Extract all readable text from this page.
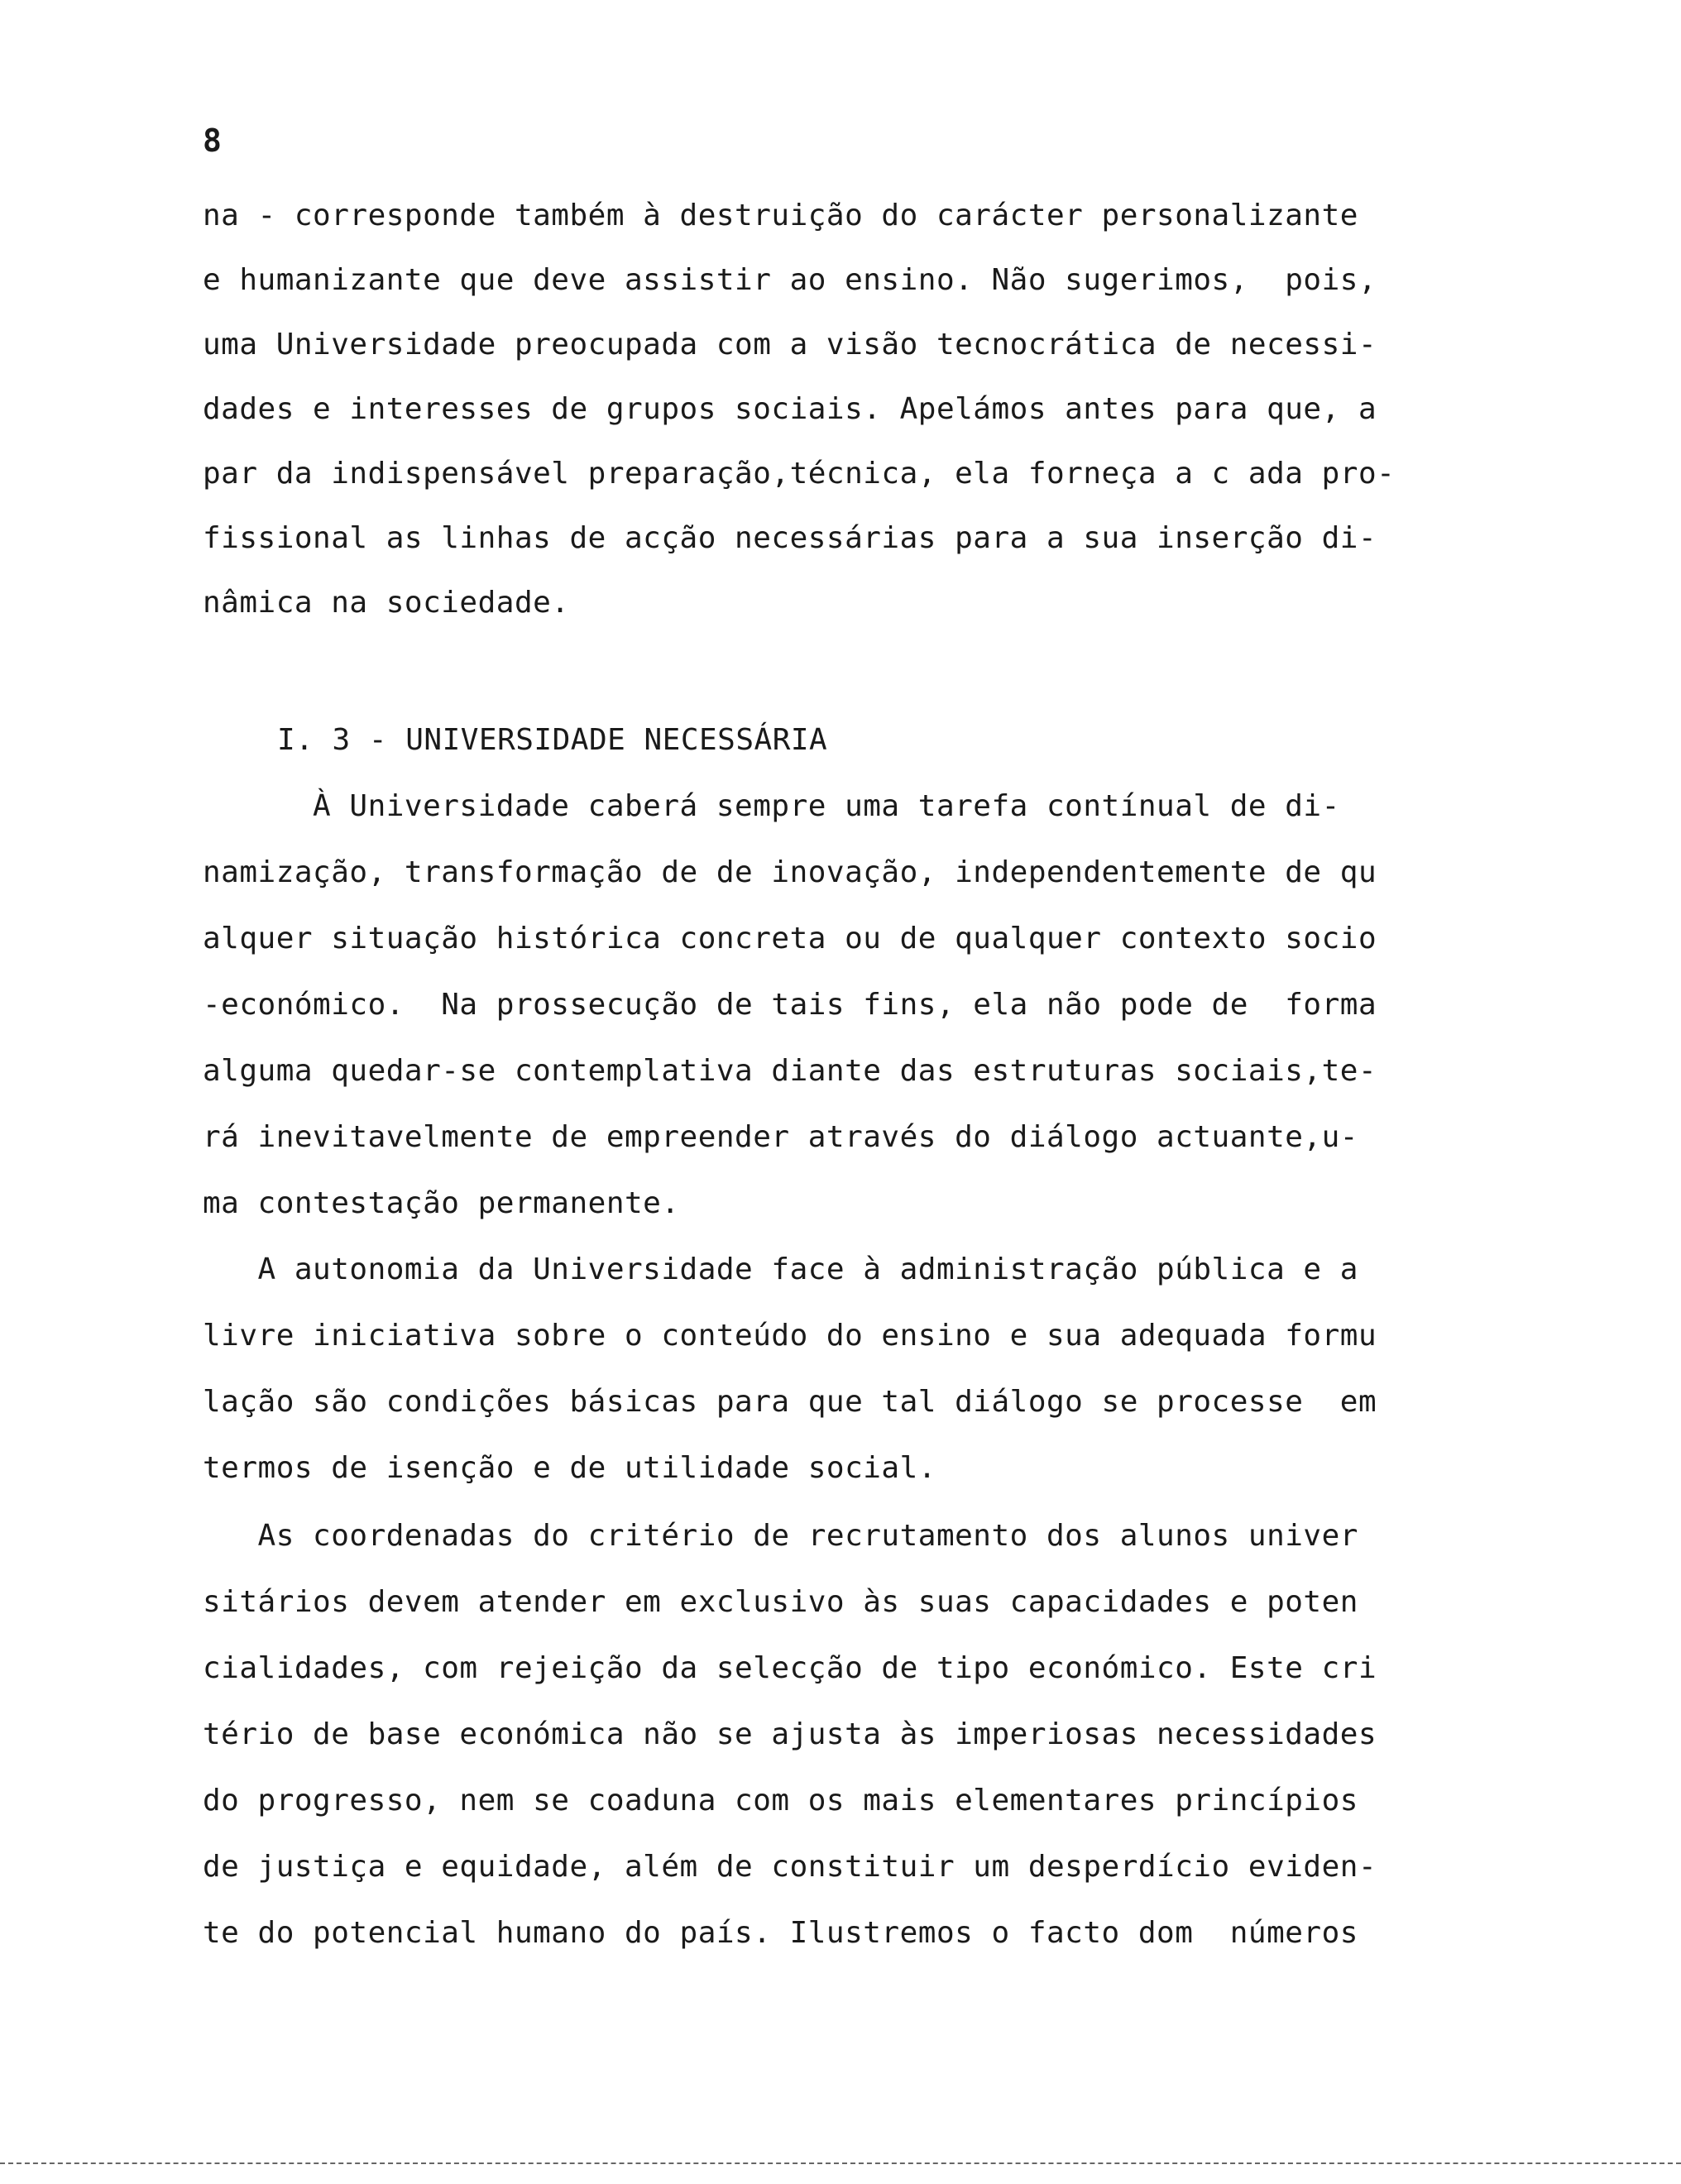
8
na - corresponde também à destruição do carácter personalizante
e humanizante que deve assistir ao ensino. Não sugerimos,  pois,
uma Universidade preocupada com a visão tecnocrática de necessi-
dades e interesses de grupos sociais. Apelámos antes para que, a
par da indispensável preparação,técnica, ela forneça a c ada pro-
fissional as linhas de acção necessárias para a sua inserção di-
nâmica na sociedade.
I. 3 - UNIVERSIDADE NECESSÁRIA
À Universidade caberá sempre uma tarefa contínual de di-
namização, transformação de de inovação, independentemente de qu
alquer situação histórica concreta ou de qualquer contexto socio
-económico.  Na prossecução de tais fins, ela não pode de  forma
alguma quedar-se contemplativa diante das estruturas sociais,te-
rá inevitavelmente de empreender através do diálogo actuante,u-
ma contestação permanente.
A autonomia da Universidade face à administração pública e a
livre iniciativa sobre o conteúdo do ensino e sua adequada formu
lação são condições básicas para que tal diálogo se processe  em
termos de isenção e de utilidade social.
As coordenadas do critério de recrutamento dos alunos univer
sitários devem atender em exclusivo às suas capacidades e poten
cialidades, com rejeição da selecção de tipo económico. Este cri
tério de base económica não se ajusta às imperiosas necessidades
do progresso, nem se coaduna com os mais elementares princípios
de justiça e equidade, além de constituir um desperdício eviden-
te do potencial humano do país. Ilustremos o facto dom  números
